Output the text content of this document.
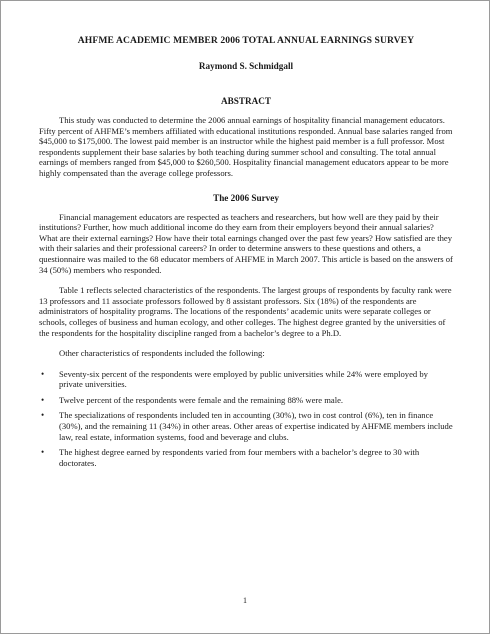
AHFME ACADEMIC MEMBER 2006 TOTAL ANNUAL EARNINGS SURVEY
Raymond S. Schmidgall
ABSTRACT

This study was conducted to determine the 2006 annual earnings of hospitality financial management educators. Fifty percent of AHFME’s members affiliated with educational institutions responded. Annual base salaries ranged from $45,000 to $175,000. The lowest paid member is an instructor while the highest paid member is a full professor. Most respondents supplement their base salaries by both teaching during summer school and consulting. The total annual earnings of members ranged from $45,000 to $260,500. Hospitality financial management educators appear to be more highly compensated than the average college professors.

The 2006 Survey

Financial management educators are respected as teachers and researchers, but how well are they paid by their institutions? Further, how much additional income do they earn from their employers beyond their annual salaries? What are their external earnings? How have their total earnings changed over the past few years? How satisfied are they with their salaries and their professional careers? In order to determine answers to these questions and others, a questionnaire was mailed to the 68 educator members of AHFME in March 2007. This article is based on the answers of 34 (50%) members who responded.

Table 1 reflects selected characteristics of the respondents. The largest groups of respondents by faculty rank were 13 professors and 11 associate professors followed by 8 assistant professors. Six (18%) of the respondents are administrators of hospitality programs. The locations of the respondents’ academic units were separate colleges or schools, colleges of business and human ecology, and other colleges. The highest degree granted by the universities of the respondents for the hospitality discipline ranged from a bachelor’s degree to a Ph.D.

Other characteristics of respondents included the following:

• Seventy-six percent of the respondents were employed by public universities while 24% were employed by private universities.
• Twelve percent of the respondents were female and the remaining 88% were male.
• The specializations of respondents included ten in accounting (30%), two in cost control (6%), ten in finance (30%), and the remaining 11 (34%) in other areas. Other areas of expertise indicated by AHFME members include law, real estate, information systems, food and beverage and clubs.
• The highest degree earned by respondents varied from four members with a bachelor’s degree to 30 with doctorates.
1
